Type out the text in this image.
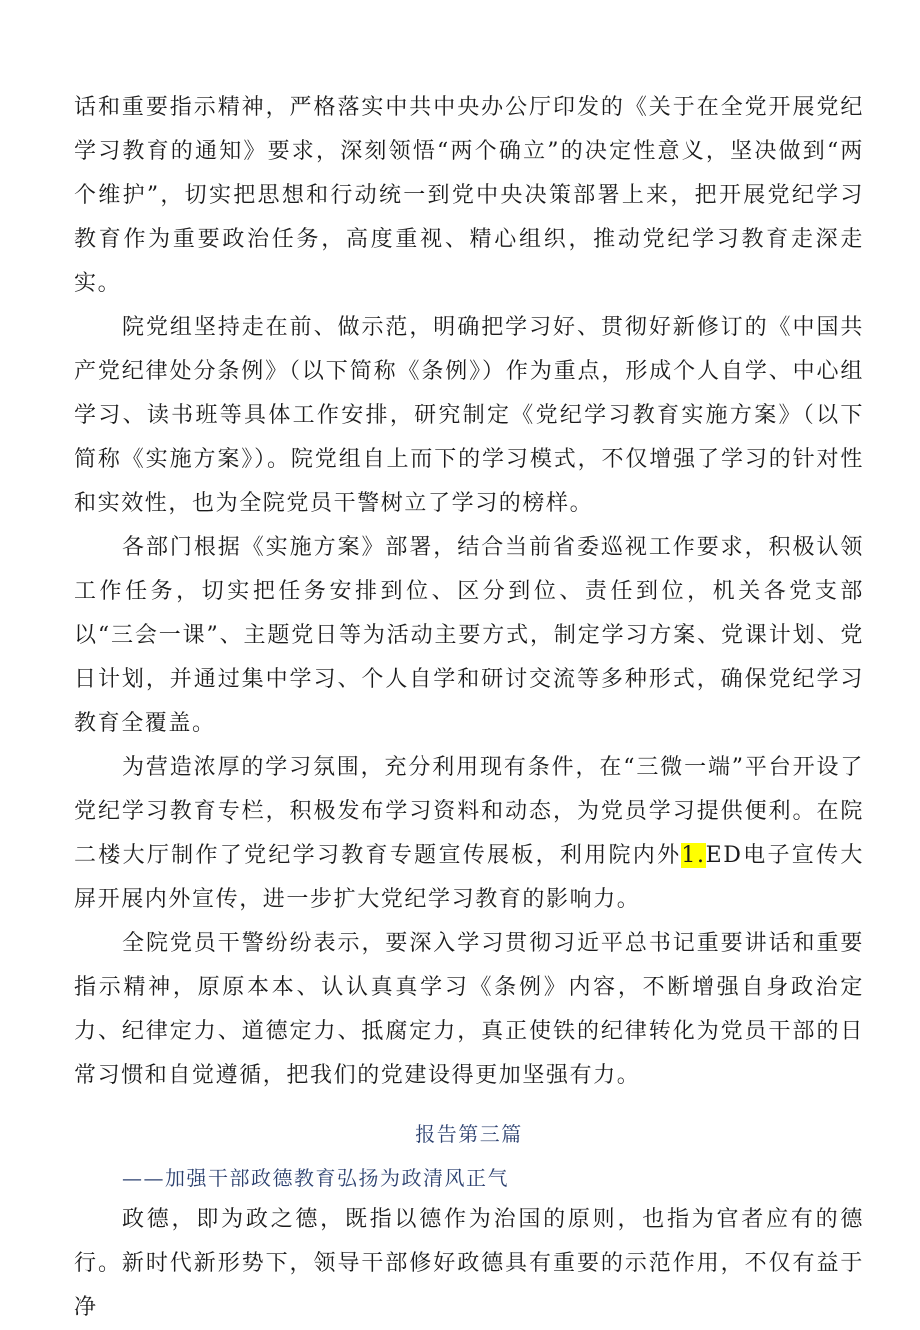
话和重要指示精神，严格落实中共中央办公厅印发的《关于在全党开展党纪学习教育的通知》要求，深刻领悟“两个确立”的决定性意义，坚决做到“两个维护”，切实把思想和行动统一到党中央决策部署上来，把开展党纪学习教育作为重要政治任务，高度重视、精心组织，推动党纪学习教育走深走实。

院党组坚持走在前、做示范，明确把学习好、贯彻好新修订的《中国共产党纪律处分条例》（以下简称《条例》）作为重点，形成个人自学、中心组学习、读书班等具体工作安排，研究制定《党纪学习教育实施方案》（以下简称《实施方案》）。院党组自上而下的学习模式，不仅增强了学习的针对性和实效性，也为全院党员干警树立了学习的榜样。

各部门根据《实施方案》部署，结合当前省委巡视工作要求，积极认领工作任务，切实把任务安排到位、区分到位、责任到位，机关各党支部以“三会一课”、主题党日等为活动主要方式，制定学习方案、党课计划、党日计划，并通过集中学习、个人自学和研讨交流等多种形式，确保党纪学习教育全覆盖。

为营造浓厚的学习氛围，充分利用现有条件，在“三微一端”平台开设了党纪学习教育专栏，积极发布学习资料和动态，为党员学习提供便利。在院二楼大厅制作了党纪学习教育专题宣传展板，利用院内外1.ED电子宣传大屏开展内外宣传，进一步扩大党纪学习教育的影响力。

全院党员干警纷纷表示，要深入学习贯彻习近平总书记重要讲话和重要指示精神，原原本本、认认真真学习《条例》内容，不断增强自身政治定力、纪律定力、道德定力、抵腐定力，真正使铁的纪律转化为党员干部的日常习惯和自觉遵循，把我们的党建设得更加坚强有力。

报告第三篇
——加强干部政德教育弘扬为政清风正气

政德，即为政之德，既指以德作为治国的原则，也指为官者应有的德行。新时代新形势下，领导干部修好政德具有重要的示范作用，不仅有益于净
